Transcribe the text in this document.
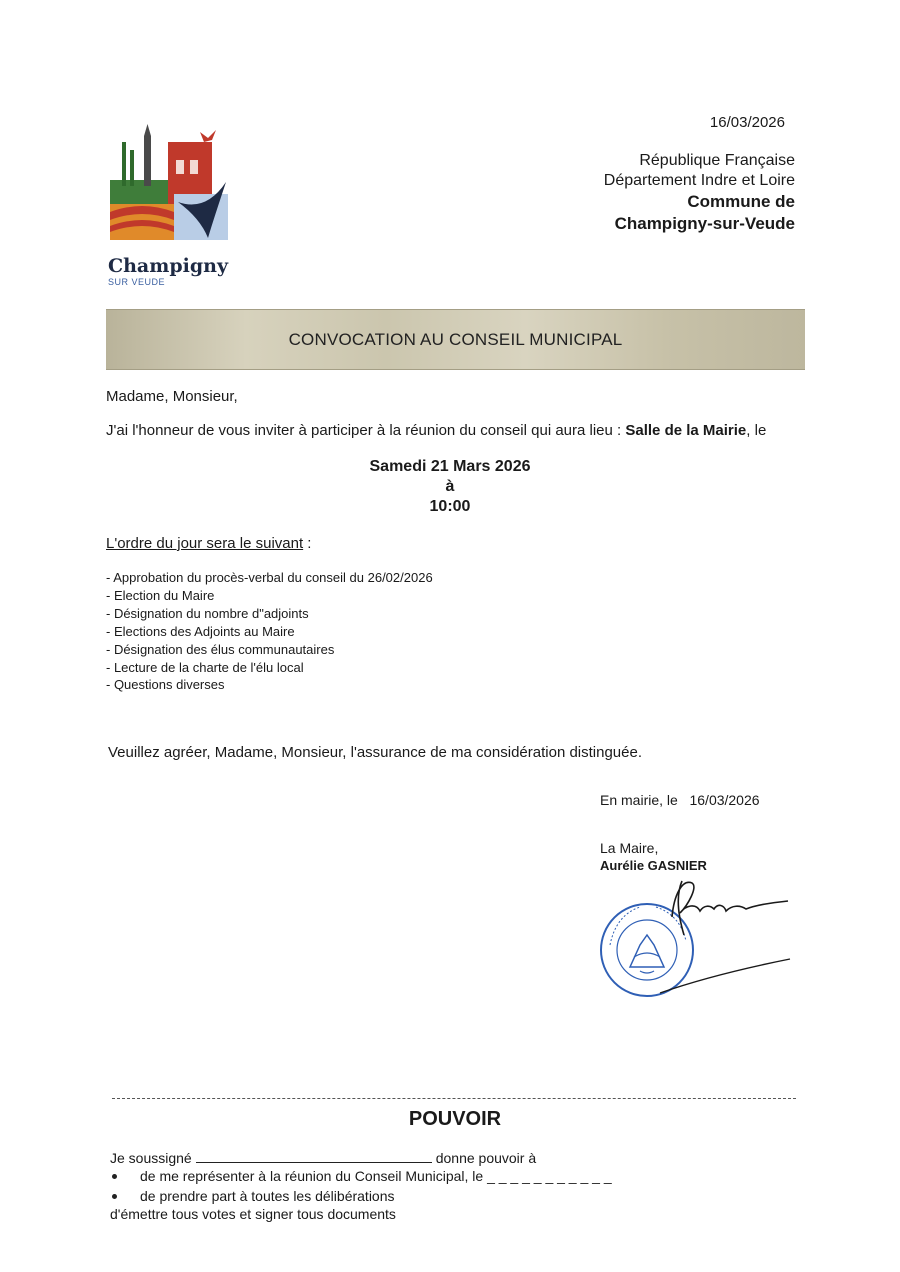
Champigny
SUR VEUDE
16/03/2026
République Française
Département Indre et Loire
Commune de
Champigny-sur-Veude
CONVOCATION AU CONSEIL MUNICIPAL
Madame, Monsieur,
J'ai l'honneur de vous inviter à participer à la réunion du conseil qui aura lieu : Salle de la Mairie, le
Samedi 21 Mars 2026
à
10:00
L'ordre du jour sera le suivant :
- Approbation du procès-verbal du conseil du 26/02/2026
- Election du Maire
- Désignation du nombre d"adjoints
- Elections des Adjoints au Maire
- Désignation des élus communautaires
- Lecture de la charte de l'élu local
- Questions diverses
Veuillez agréer, Madame, Monsieur, l'assurance de ma considération distinguée.
En mairie, le   16/03/2026
La Maire,
Aurélie GASNIER
POUVOIR
Je soussigné	donne pouvoir à
de me représenter à la réunion du Conseil Municipal, le _ _ _ _ _ _ _ _ _ _ _
de prendre part à toutes les délibérations
d'émettre tous votes et signer tous documents
